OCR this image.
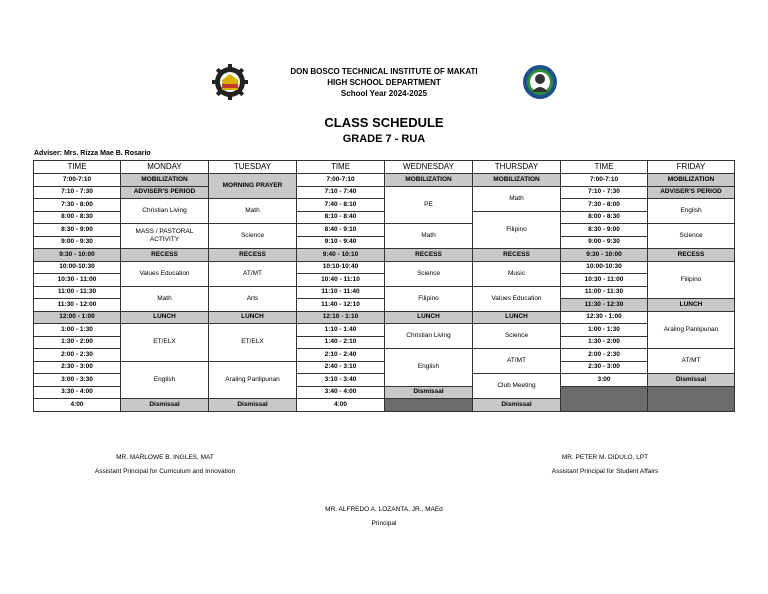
DON BOSCO TECHNICAL INSTITUTE OF MAKATI
HIGH SCHOOL DEPARTMENT
School Year 2024-2025
CLASS SCHEDULE
GRADE 7 - RUA
Adviser: Mrs. Rizza Mae B. Rosario
TIME	MONDAY	TUESDAY	TIME	WEDNESDAY	THURSDAY	TIME	FRIDAY
7:00-7:10	MOBILIZATION	MORNING PRAYER	7:00-7:10	MOBILIZATION	MOBILIZATION	7:00-7:10	MOBILIZATION
7:10 - 7:30	ADVISER'S PERIOD		7:10 - 7:40	PE	Math	7:10 - 7:30	ADVISER'S PERIOD
7:30 - 8:00	Christian Living	Math	7:40 - 8:10			7:30 - 8:00	English
8:00 - 8:30			8:10 - 8:40		Filipino	8:00 - 8:30	
8:30 - 9:00	MASS / PASTORAL ACTIVITY	Science	8:40 - 9:10	Math		8:30 - 9:00	Science
9:00 - 9:30			9:10 - 9:40			9:00 - 9:30	
9:30 - 10:00	RECESS	RECESS	9:40 - 10:10	RECESS	RECESS	9:30 - 10:00	RECESS
10:00-10:30	Values Education	AT/MT	10:10-10:40	Science	Music	10:00-10:30	Filipino
10:30 - 11:00			10:40 - 11:10			10:30 - 11:00	
11:00 - 11:30	Math	Arts	11:10 - 11:40	Filipino	Values Education	11:00 - 11:30	
11:30 - 12:00			11:40 - 12:10			11:30 - 12:30	LUNCH
12:00 - 1:00	LUNCH	LUNCH	12:10 - 1:10	LUNCH	LUNCH	12:30 - 1:00	Araling Panlipunan
1:00 - 1:30	ET/ELX	ET/ELX	1:10 - 1:40	Christian Living	Science	1:00 - 1:30	
1:30 - 2:00			1:40 - 2:10			1:30 - 2:00	
2:00 - 2:30			2:10 - 2:40	English	AT/MT	2:00 - 2:30	AT/MT
2:30 - 3:00	English	Araling Panlipunan	2:40 - 3:10			2:30 - 3:00	
3:00 - 3:30			3:10 - 3:40		Club Meeting	3:00	Dismissal
3:30 - 4:00			3:40 - 4:00	Dismissal			
4:00	Dismissal	Dismissal	4:00		Dismissal		
MR. MARLOWE B. INGLES, MAT
Assistant Principal for Curriculum and Innovation
MR. PETER M. DIDULO, LPT
Assistant Principal for Student Affairs
MR. ALFREDO A. LOZANTA, JR., MAEd
Principal
